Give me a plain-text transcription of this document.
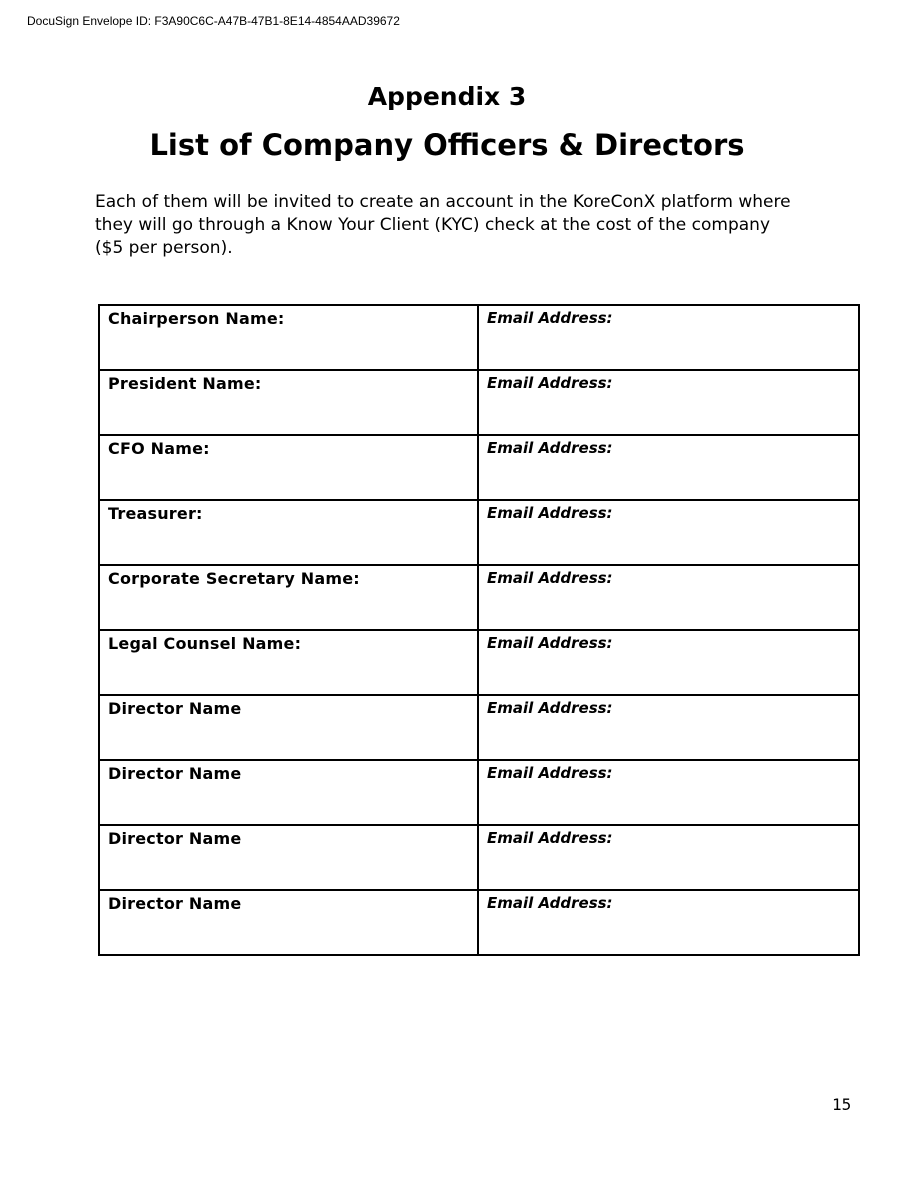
DocuSign Envelope ID: F3A90C6C-A47B-47B1-8E14-4854AAD39672
Appendix 3
List of Company Officers & Directors
Each of them will be invited to create an account in the KoreConX platform where
they will go through a Know Your Client (KYC) check at the cost of the company
($5 per person).
Chairperson Name:	Email Address:
President Name:	Email Address:
CFO Name:	Email Address:
Treasurer:	Email Address:
Corporate Secretary Name:	Email Address:
Legal Counsel Name:	Email Address:
Director Name	Email Address:
Director Name	Email Address:
Director Name	Email Address:
Director Name	Email Address:
15
